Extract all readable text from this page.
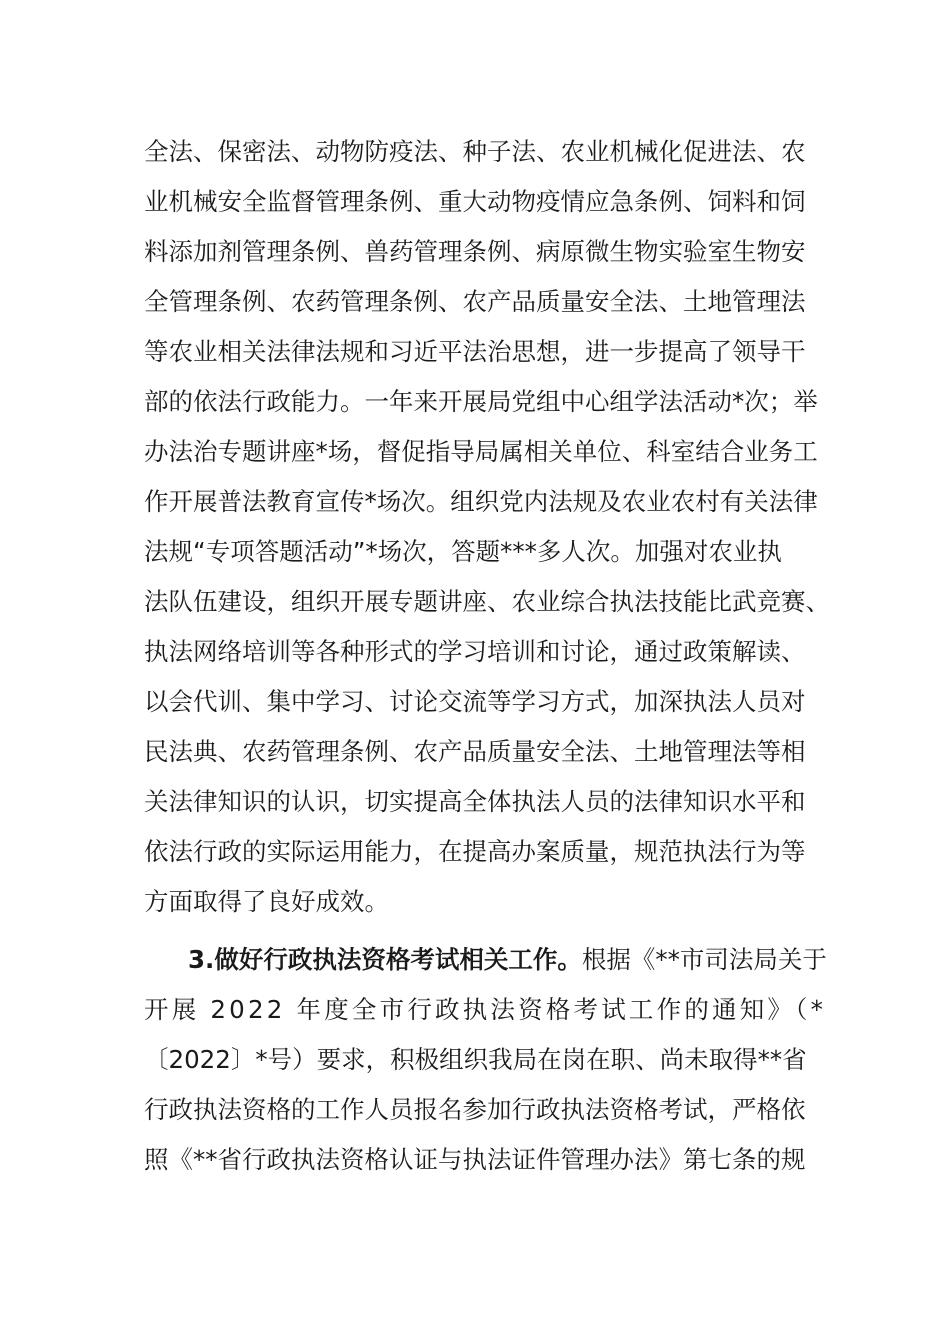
全法、保密法、动物防疫法、种子法、农业机械化促进法、农
业机械安全监督管理条例、重大动物疫情应急条例、饲料和饲
料添加剂管理条例、兽药管理条例、病原微生物实验室生物安
全管理条例、农药管理条例、农产品质量安全法、土地管理法
等农业相关法律法规和习近平法治思想，进一步提高了领导干
部的依法行政能力。一年来开展局党组中心组学法活动*次；举
办法治专题讲座*场，督促指导局属相关单位、科室结合业务工
作开展普法教育宣传*场次。组织党内法规及农业农村有关法律
法规“专项答题活动”*场次，答题***多人次。加强对农业执
法队伍建设，组织开展专题讲座、农业综合执法技能比武竞赛、
执法网络培训等各种形式的学习培训和讨论，通过政策解读、
以会代训、集中学习、讨论交流等学习方式，加深执法人员对
民法典、农药管理条例、农产品质量安全法、土地管理法等相
关法律知识的认识，切实提高全体执法人员的法律知识水平和
依法行政的实际运用能力，在提高办案质量，规范执法行为等
方面取得了良好成效。
3.做好行政执法资格考试相关工作。根据《**市司法局关于
开展 2022 年度全市行政执法资格考试工作的通知》（*
〔2022〕*号）要求，积极组织我局在岗在职、尚未取得**省
行政执法资格的工作人员报名参加行政执法资格考试，严格依
照《**省行政执法资格认证与执法证件管理办法》第七条的规
